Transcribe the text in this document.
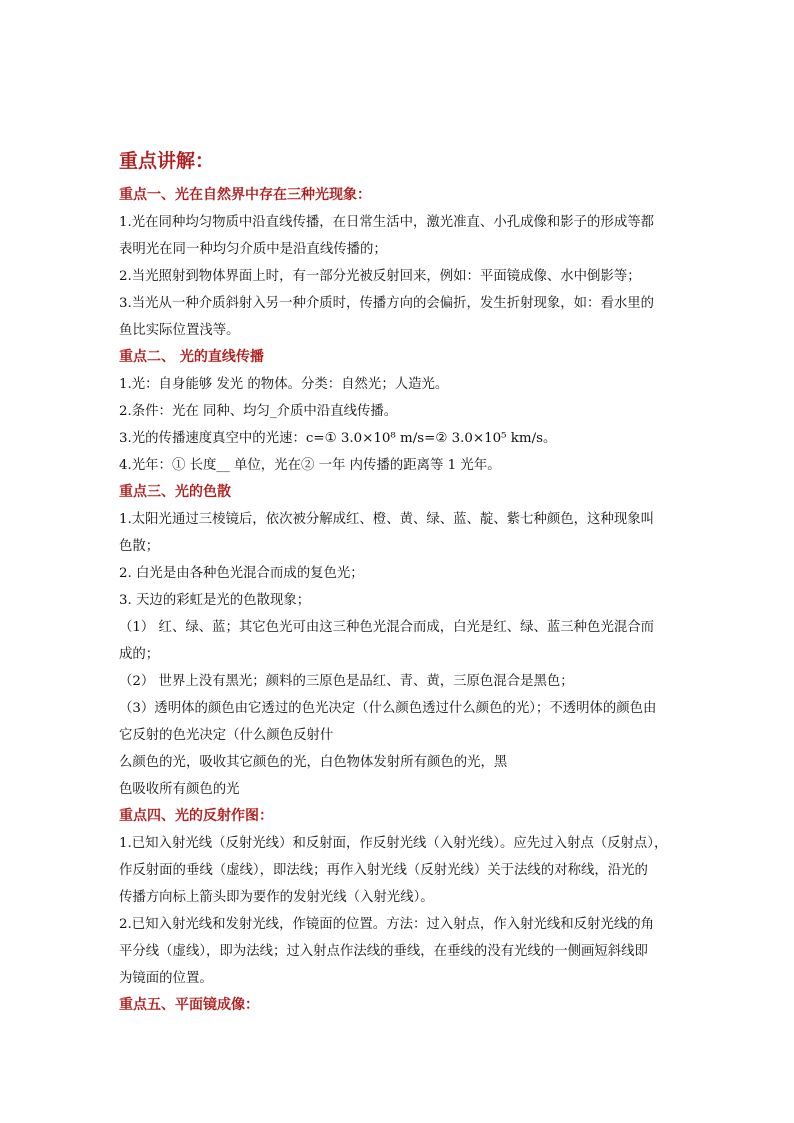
重点讲解：
重点一、光在自然界中存在三种光现象：
1.光在同种均匀物质中沿直线传播，在日常生活中，激光准直、小孔成像和影子的形成等都
表明光在同一种均匀介质中是沿直线传播的；
2.当光照射到物体界面上时，有一部分光被反射回来，例如：平面镜成像、水中倒影等；
3.当光从一种介质斜射入另一种介质时，传播方向的会偏折，发生折射现象，如：看水里的
鱼比实际位置浅等。
重点二、 光的直线传播
1.光：自身能够 发光 的物体。分类：自然光；人造光。
2.条件：光在 同种、均匀_介质中沿直线传播。
3.光的传播速度真空中的光速：c=① 3.0×10⁸ m/s=② 3.0×10⁵ km/s。
4.光年：① 长度__ 单位，光在② 一年 内传播的距离等 1 光年。
重点三、光的色散
1.太阳光通过三棱镜后，依次被分解成红、橙、黄、绿、蓝、靛、紫七种颜色，这种现象叫
色散；
2. 白光是由各种色光混合而成的复色光；
3. 天边的彩虹是光的色散现象；
（1） 红、绿、蓝；其它色光可由这三种色光混合而成，白光是红、绿、蓝三种色光混合而
成的；
（2） 世界上没有黑光；颜料的三原色是品红、青、黄，三原色混合是黑色；
（3）透明体的颜色由它透过的色光决定（什么颜色透过什么颜色的光）；不透明体的颜色由
它反射的色光决定（什么颜色反射什
么颜色的光，吸收其它颜色的光，白色物体发射所有颜色的光，黑
色吸收所有颜色的光
重点四、光的反射作图：
1.已知入射光线（反射光线）和反射面，作反射光线（入射光线）。应先过入射点（反射点），
作反射面的垂线（虚线），即法线；再作入射光线（反射光线）关于法线的对称线，沿光的
传播方向标上箭头即为要作的发射光线（入射光线）。
2.已知入射光线和发射光线，作镜面的位置。方法：过入射点，作入射光线和反射光线的角
平分线（虚线），即为法线；过入射点作法线的垂线，在垂线的没有光线的一侧画短斜线即
为镜面的位置。
重点五、平面镜成像：
